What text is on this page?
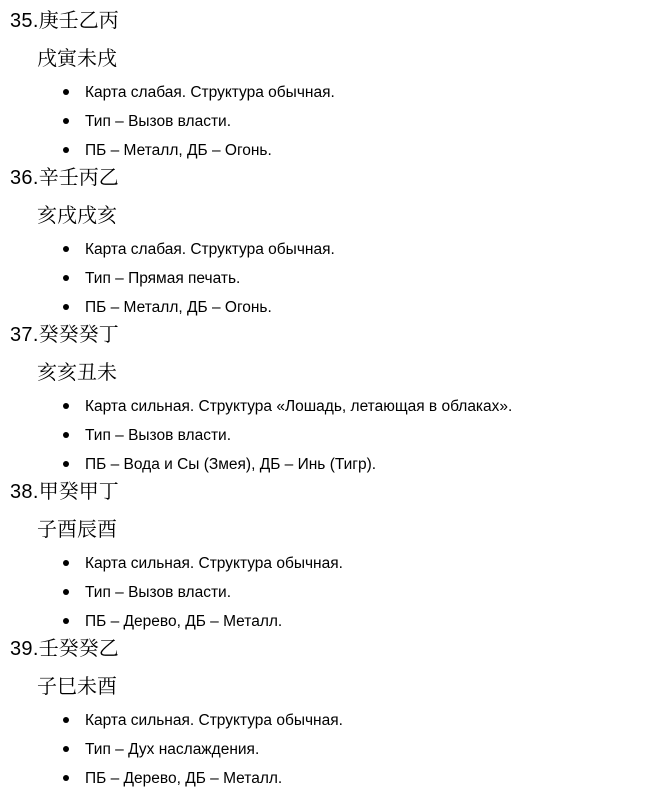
35.庚壬乙丙
戌寅未戌
Карта слабая. Структура обычная.
Тип – Вызов власти.
ПБ – Металл, ДБ – Огонь.
36.辛壬丙乙
亥戌戌亥
Карта слабая. Структура обычная.
Тип – Прямая печать.
ПБ – Металл, ДБ – Огонь.
37.癸癸癸丁
亥亥丑未
Карта сильная. Структура «Лошадь, летающая в облаках».
Тип – Вызов власти.
ПБ – Вода и Сы (Змея), ДБ – Инь (Тигр).
38.甲癸甲丁
子酉辰酉
Карта сильная. Структура обычная.
Тип – Вызов власти.
ПБ – Дерево, ДБ – Металл.
39.壬癸癸乙
子巳未酉
Карта сильная. Структура обычная.
Тип – Дух наслаждения.
ПБ – Дерево, ДБ – Металл.
